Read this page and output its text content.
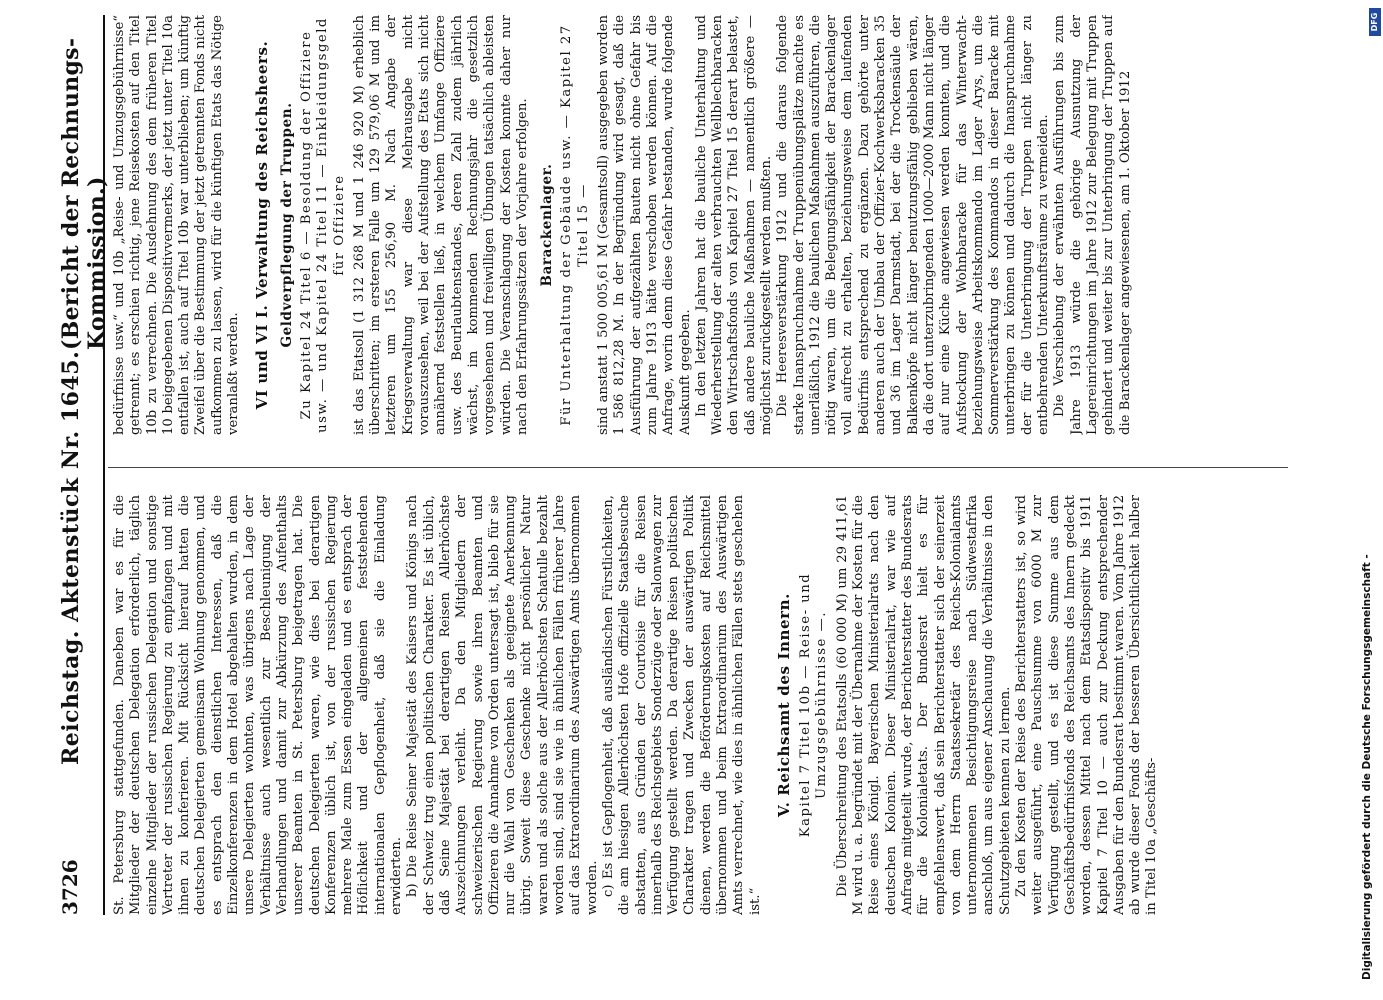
3726
Reichstag. Aktenstück Nr. 1645.
(Bericht der Rechnungs-Kommission.)

St. Petersburg stattgefunden. Daneben war es für die Mitglieder der deutschen Delegation erforderlich, täglich einzelne Mitglieder der russischen Delegation und sonstige Vertreter der russischen Regierung zu empfangen und mit ihnen zu konferieren. Mit Rücksicht hierauf hatten die deutschen Delegierten gemeinsam Wohnung genommen, und es entsprach den dienstlichen Interessen, daß die Einzelkonferenzen in dem Hotel abgehalten wurden, in dem unsere Delegierten wohnten, was übrigens nach Lage der Verhältnisse auch wesentlich zur Beschleunigung der Verhandlungen und damit zur Abkürzung des Aufenthalts unserer Beamten in St. Petersburg beigetragen hat. Die deutschen Delegierten waren, wie dies bei derartigen Konferenzen üblich ist, von der russischen Regierung mehrere Male zum Essen eingeladen und es entsprach der Höflichkeit und der allgemeinen feststehenden internationalen Gepflogenheit, daß sie die Einladung erwiderten. b) Die Reise Seiner Majestät des Kaisers und Königs nach der Schweiz trug einen politischen Charakter. Es ist üblich, daß Seine Majestät bei derartigen Reisen Allerhöchste Auszeichnungen verleiht. Da den Mitgliedern der schweizerischen Regierung sowie ihren Beamten und Offizieren die Annahme von Orden untersagt ist, blieb für sie nur die Wahl von Geschenken als geeignete Anerkennung übrig. Soweit diese Geschenke nicht persönlicher Natur waren und als solche aus der Allerhöchsten Schatulle bezahlt worden sind, sind sie wie in ähnlichen Fällen früherer Jahre auf das Extraordinarium des Auswärtigen Amts übernommen worden. c) Es ist Gepflogenheit, daß ausländischen Fürstlichkeiten, die am hiesigen Allerhöchsten Hofe offizielle Staatsbesuche abstatten, aus Gründen der Courtoisie für die Reisen innerhalb des Reichsgebiets Sonderzüge oder Salonwagen zur Verfügung gestellt werden. Da derartige Reisen politischen Charakter tragen und Zwecken der auswärtigen Politik dienen, werden die Beförderungskosten auf Reichsmittel übernommen und beim Extraordinarium des Auswärtigen Amts verrechnet, wie dies in ähnlichen Fällen stets geschehen ist.“

V. Reichsamt des Innern. Kapitel 7 Titel 10b — Reise- und Umzugsgebührnisse —. Die Überschreitung des Etatsolls (60 000 M) um 29 411,61 M wird u. a. begründet mit der Übernahme der Kosten für die Reise eines Königl. Bayerischen Ministerialrats nach den deutschen Kolonien. Dieser Ministerialrat, war wie auf Anfrage mitgeteilt wurde, der Berichterstatter des Bundesrats für die Kolonialetats. Der Bundesrat hielt es für empfehlenswert, daß sein Berichterstatter sich der seinerzeit von dem Herrn Staatssekretär des Reichs-Kolonialamts unternommenen Besichtigungsreise nach Südwestafrika anschloß, um aus eigener Anschauung die Verhältnisse in den Schutzgebieten kennen zu lernen. Zu den Kosten der Reise des Berichterstatters ist, so wird weiter ausgeführt, eine Pauschsumme von 6000 M zur Verfügung gestellt, und es ist diese Summe aus dem Geschäftsbedürfnisfonds des Reichsamts des Innern gedeckt worden, dessen Mittel nach dem Etatsdispositiv bis 1911 Kapitel 7 Titel 10 — auch zur Deckung entsprechender Ausgaben für den Bundesrat bestimmt waren. Vom Jahre 1912 ab wurde dieser Fonds der besseren Übersichtlichkeit halber in Titel 10a „Geschäfts-

bedürfnisse usw.“ und 10b „Reise- und Umzugsgebührnisse“ getrennt; es erschien richtig, jene Reisekosten auf den Titel 10b zu verrechnen. Die Ausdehnung des dem früheren Titel 10 beigegebenen Dispositivvermerks, der jetzt unter Titel 10a entfallen ist, auch auf Titel 10b war unterblieben; um künftig Zweifel über die Bestimmung der jetzt getrennten Fonds nicht aufkommen zu lassen, wird für die künftigen Etats das Nötige veranlaßt werden. VI und VI I. Verwaltung des Reichsheers. Geldverpflegung der Truppen. Zu Kapitel 24 Titel 6 — Besoldung der Offiziere usw. — und Kapitel 24 Titel 11 — Einkleidungsgeld für Offiziere ist das Etatsoll (1 312 268 M und 1 246 920 M) erheblich überschritten; im ersteren Falle um 129 579,06 M und im letzteren um 155 256,90 M. Nach Angabe der Kriegsverwaltung war diese Mehrausgabe nicht vorauszusehen, weil bei der Aufstellung des Etats sich nicht annähernd feststellen ließ, in welchem Umfange Offiziere usw. des Beurlaubtenstandes, deren Zahl zudem jährlich wächst, im kommenden Rechnungsjahr die gesetzlich vorgesehenen und freiwilligen Übungen tatsächlich ableisten würden. Die Veranschlagung der Kosten konnte daher nur nach den Erfahrungssätzen der Vorjahre erfolgen. Barackenlager. Für Unterhaltung der Gebäude usw. — Kapitel 27 Titel 15 — sind anstatt 1 500 005,61 M (Gesamtsoll) ausgegeben worden 1 586 812,28 M. In der Begründung wird gesagt, daß die Ausführung der aufgezählten Bauten nicht ohne Gefahr bis zum Jahre 1913 hätte verschoben werden können. Auf die Anfrage, worin denn diese Gefahr bestanden, wurde folgende Auskunft gegeben. In den letzten Jahren hat die bauliche Unterhaltung und Wiederherstellung der alten verbrauchten Wellblechbaracken den Wirtschaftsfonds von Kapitel 27 Titel 15 derart belastet, daß andere bauliche Maßnahmen — namentlich größere — möglichst zurückgestellt werden mußten. Die Heeresverstärkung 1912 und die daraus folgende starke Inanspruchnahme der Truppenübungsplätze machte es unerläßlich, 1912 die baulichen Maßnahmen auszuführen, die nötig waren, um die Belegungsfähigkeit der Barackenlager voll aufrecht zu erhalten, beziehungsweise dem laufenden Bedürfnis entsprechend zu ergänzen. Dazu gehörte unter anderen auch der Umbau der Offizier-Kochwerksbaracken 35 und 36 im Lager Darmstadt, bei der die Trockensäule der Balkenköpfe nicht länger benutzungsfähig geblieben wären, da die dort unterzubringenden 1000—2000 Mann nicht länger auf nur eine Küche angewiesen werden konnten, und die Aufstockung der Wohnbaracke für das Winterwacht- beziehungsweise Arbeitskommando im Lager Arys, um die Sommerverstärkung des Kommandos in dieser Baracke mit unterbringen zu können und dadurch die Inanspruchnahme der für die Unterbringung der Truppen nicht länger zu entbehrenden Unterkunftsräume zu vermeiden. Die Verschiebung der erwähnten Ausführungen bis zum Jahre 1913 würde die gehörige Ausnutzung der Lagereinrichtungen im Jahre 1912 zur Belegung mit Truppen gehindert und weiter bis zur Unterbringung der Truppen auf die Barackenlager angewiesenen, am 1. Oktober 1912

Digitalisierung gefördert durch die Deutsche Forschungsgemeinschaft -
DFG
